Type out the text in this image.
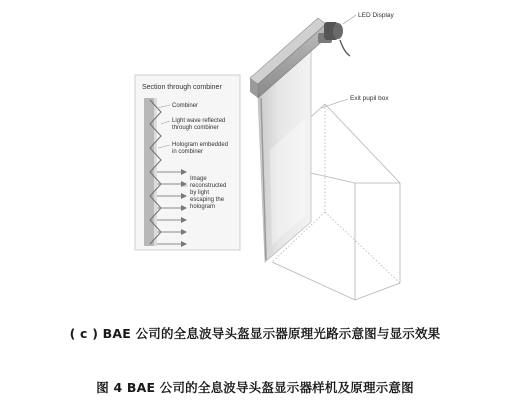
Section through combiner
Combiner
Light wave reflected through combiner
Hologram embedded in combiner
Image reconstructed by light escaping the hologram
Exit pupil box
LED Display
( c ) BAE 公司的全息波导头盔显示器原理光路示意图与显示效果
图 4 BAE 公司的全息波导头盔显示器样机及原理示意图
